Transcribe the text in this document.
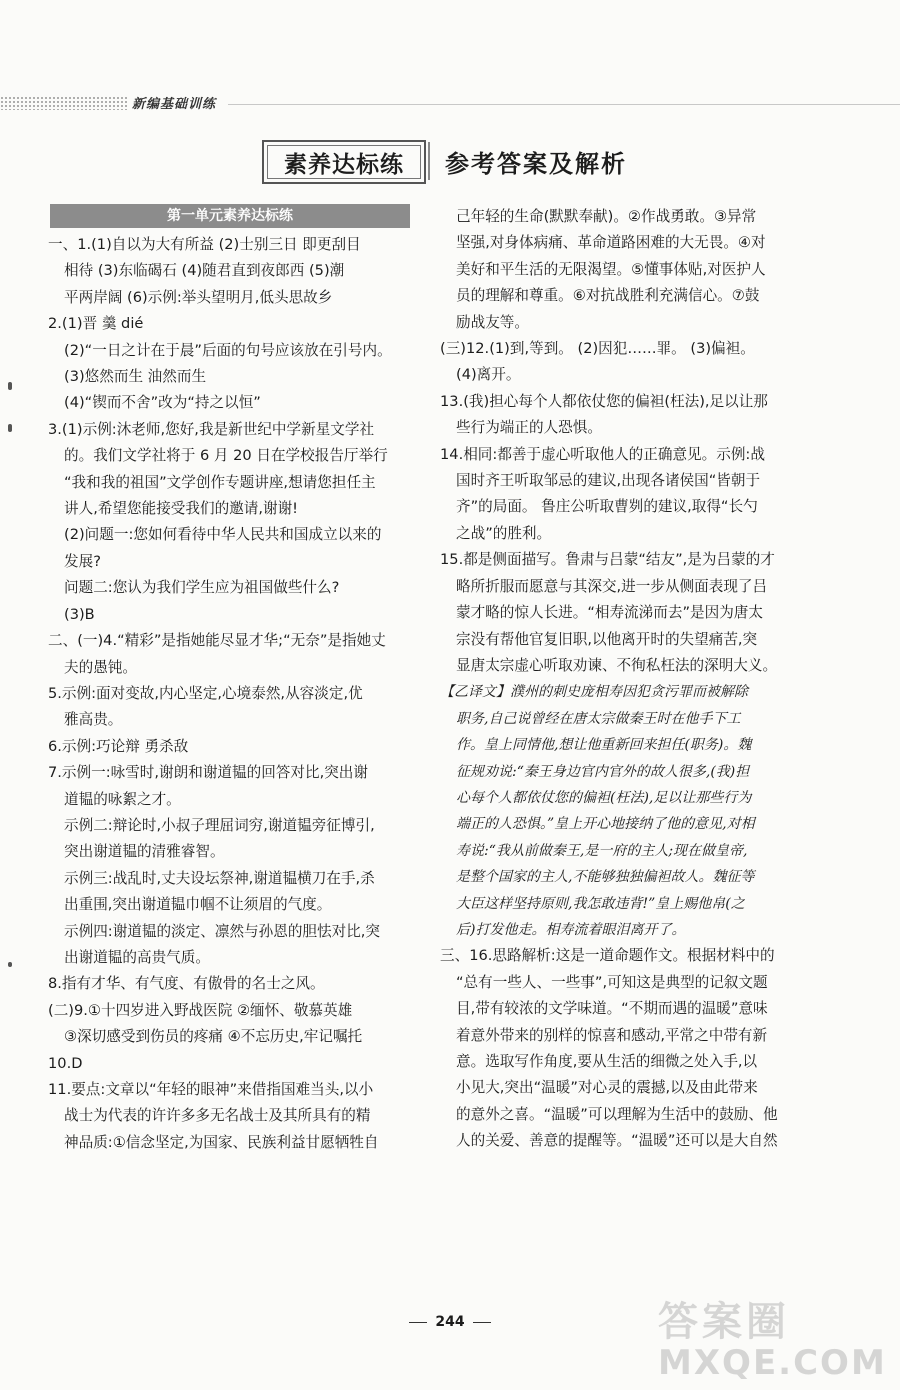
新编基础训练
素养达标练	参考答案及解析
第一单元素养达标练
一、1.(1)自以为大有所益 (2)士别三日 即更刮目
相待 (3)东临碣石 (4)随君直到夜郎西 (5)潮
平两岸阔 (6)示例:举头望明月,低头思故乡
2.(1)晋 羹 dié
(2)“一日之计在于晨”后面的句号应该放在引号内。
(3)悠然而生 油然而生
(4)“锲而不舍”改为“持之以恒”
3.(1)示例:沐老师,您好,我是新世纪中学新星文学社
的。我们文学社将于 6 月 20 日在学校报告厅举行
“我和我的祖国”文学创作专题讲座,想请您担任主
讲人,希望您能接受我们的邀请,谢谢!
(2)问题一:您如何看待中华人民共和国成立以来的
发展?
问题二:您认为我们学生应为祖国做些什么?
(3)B
二、(一)4.“精彩”是指她能尽显才华;“无奈”是指她丈
夫的愚钝。
5.示例:面对变故,内心坚定,心境泰然,从容淡定,优
雅高贵。
6.示例:巧论辩 勇杀敌
7.示例一:咏雪时,谢朗和谢道韫的回答对比,突出谢
道韫的咏絮之才。
示例二:辩论时,小叔子理屈词穷,谢道韫旁征博引,
突出谢道韫的清雅睿智。
示例三:战乱时,丈夫设坛祭神,谢道韫横刀在手,杀
出重围,突出谢道韫巾帼不让须眉的气度。
示例四:谢道韫的淡定、凛然与孙恩的胆怯对比,突
出谢道韫的高贵气质。
8.指有才华、有气度、有傲骨的名士之风。
(二)9.①十四岁进入野战医院 ②缅怀、敬慕英雄
③深切感受到伤员的疼痛 ④不忘历史,牢记嘱托
10.D
11.要点:文章以“年轻的眼神”来借指国难当头,以小
战士为代表的许许多多无名战士及其所具有的精
神品质:①信念坚定,为国家、民族利益甘愿牺牲自
己年轻的生命(默默奉献)。②作战勇敢。③异常
坚强,对身体病痛、革命道路困难的大无畏。④对
美好和平生活的无限渴望。⑤懂事体贴,对医护人
员的理解和尊重。⑥对抗战胜利充满信心。⑦鼓
励战友等。
(三)12.(1)到,等到。 (2)因犯……罪。 (3)偏袒。
(4)离开。
13.(我)担心每个人都依仗您的偏袒(枉法),足以让那
些行为端正的人恐惧。
14.相同:都善于虚心听取他人的正确意见。示例:战
国时齐王听取邹忌的建议,出现各诸侯国“皆朝于
齐”的局面。 鲁庄公听取曹刿的建议,取得“长勺
之战”的胜利。
15.都是侧面描写。鲁肃与吕蒙“结友”,是为吕蒙的才
略所折服而愿意与其深交,进一步从侧面表现了吕
蒙才略的惊人长进。“相寿流涕而去”是因为唐太
宗没有帮他官复旧职,以他离开时的失望痛苦,突
显唐太宗虚心听取劝谏、不徇私枉法的深明大义。
【乙译文】濮州的刺史庞相寿因犯贪污罪而被解除
职务,自己说曾经在唐太宗做秦王时在他手下工
作。皇上同情他,想让他重新回来担任(职务)。魏
征规劝说:“秦王身边官内官外的故人很多,(我)担
心每个人都依仗您的偏袒(枉法),足以让那些行为
端正的人恐惧。”皇上开心地接纳了他的意见,对相
寿说:“我从前做秦王,是一府的主人;现在做皇帝,
是整个国家的主人,不能够独独偏袒故人。魏征等
大臣这样坚持原则,我怎敢违背!”皇上赐他帛(之
后)打发他走。相寿流着眼泪离开了。
三、16.思路解析:这是一道命题作文。根据材料中的
“总有一些人、一些事”,可知这是典型的记叙文题
目,带有较浓的文学味道。“不期而遇的温暖”意味
着意外带来的别样的惊喜和感动,平常之中带有新
意。选取写作角度,要从生活的细微之处入手,以
小见大,突出“温暖”对心灵的震撼,以及由此带来
的意外之喜。“温暖”可以理解为生活中的鼓励、他
人的关爱、善意的提醒等。“温暖”还可以是大自然
244	答案圈
MXQE.COM
